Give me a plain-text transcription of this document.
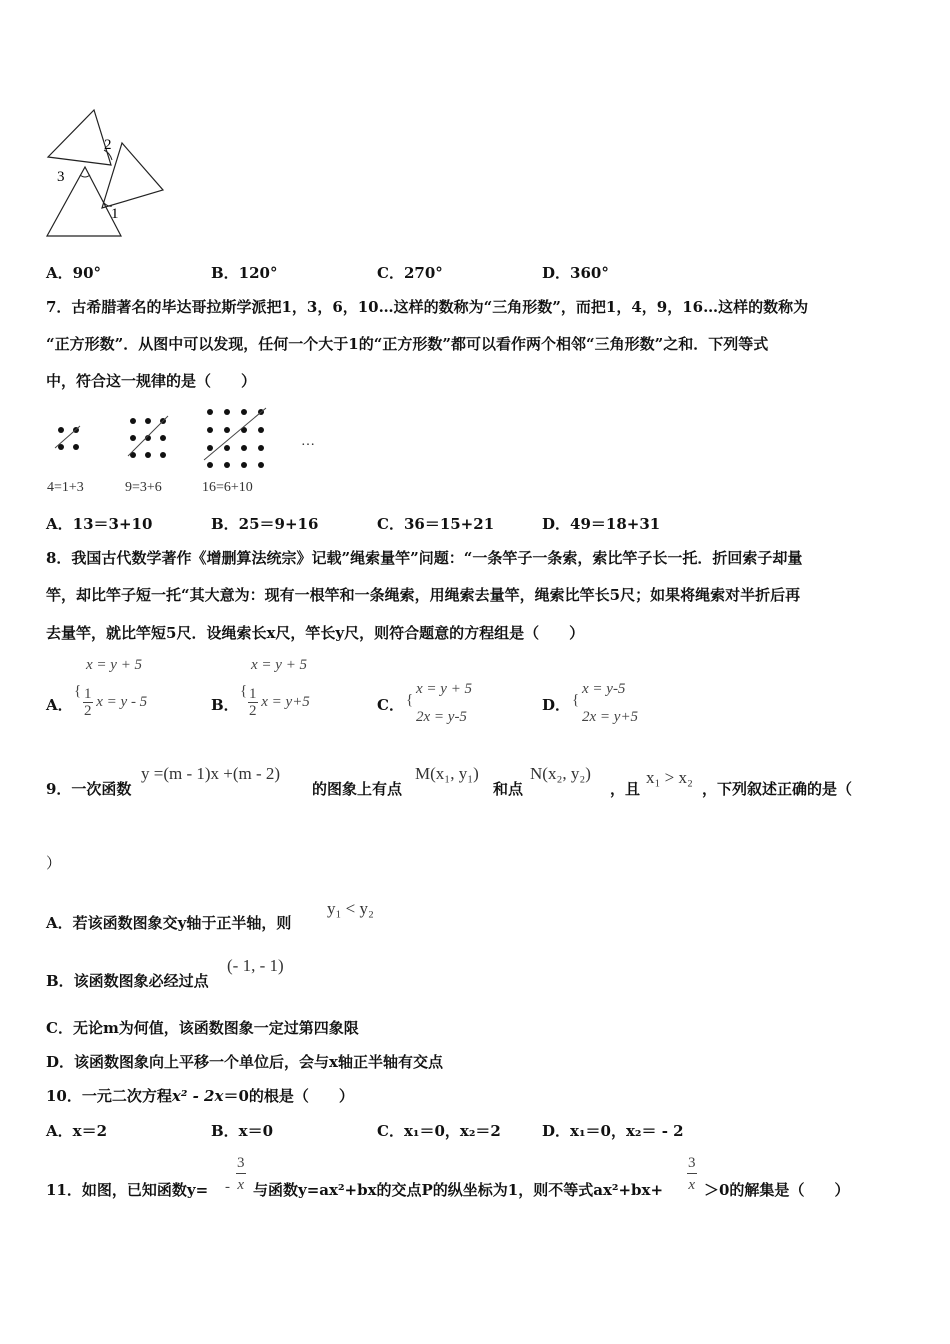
1
2
3
A．90°	B．120°	C．270°	D．360°
7．古希腊著名的毕达哥拉斯学派把1，3，6，10…这样的数称为“三角形数”，而把1，4，9，16…这样的数称为
“正方形数”．从图中可以发现，任何一个大于1的“正方形数”都可以看作两个相邻“三角形数”之和．下列等式
中，符合这一规律的是（　　）
4=1+3	9=3+6	16=6+10
…
A．13＝3+10	B．25＝9+16	C．36＝15+21	D．49＝18+31
8．我国古代数学著作《增删算法统宗》记载”绳索量竿”问题：“一条竿子一条索，索比竿子长一托．折回索子却量
竿，却比竿子短一托“其大意为：现有一根竿和一条绳索，用绳索去量竿，绳索比竿长5尺；如果将绳索对半折后再
去量竿，就比竿短5尺．设绳索长x尺，竿长y尺，则符合题意的方程组是（　　）
A．
x = y + 5
{ $\frac{1}{2}$ x = y - 5	B．
x = y + 5
{ $\frac{1}{2}$ x = y+5	C． {
x = y + 5
2x = y-5
D． {
x = y-5
2x = y+5
9．一次函数
y =(m - 1)x +(m - 2)
的图象上有点
M(x₁, y₁)
和点
N(x₂, y₂)
，且
x₁ > x₂
，下列叙述正确的是（
）
A．若该函数图象交y轴于正半轴，则
y₁ < y₂
B．该函数图象必经过点
(- 1, - 1)
C．无论m为何值，该函数图象一定过第四象限
D．该函数图象向上平移一个单位后，会与x轴正半轴有交点
10．一元二次方程x² - 2x＝0的根是（　　）
A．x＝2	B．x＝0	C．x₁＝0，x₂＝2	D．x₁＝0，x₂＝ - 2
11．如图，已知函数$y= - \frac{3}{x}$ 与函数y=ax²+bx的交点P的纵坐标为1，则不等式$ax^2+bx+ \frac{3}{x} >0$的解集是（　　）
